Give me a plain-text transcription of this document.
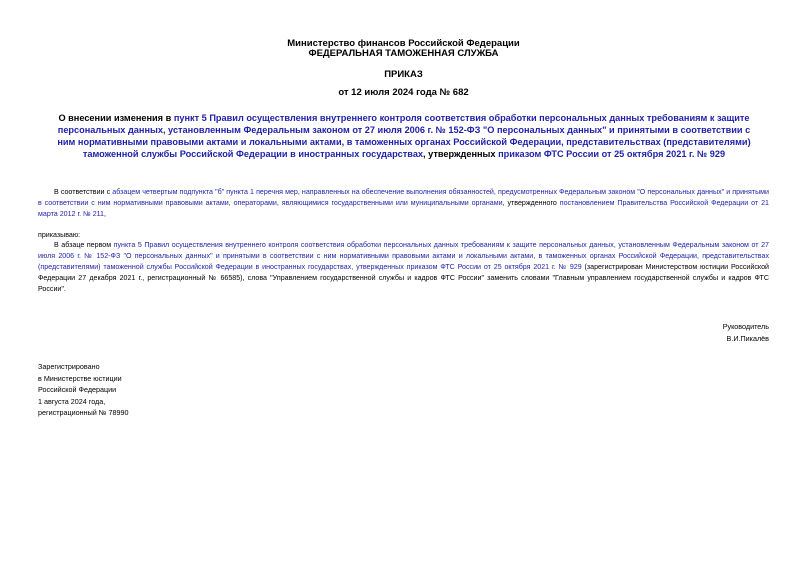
Министерство финансов Российской Федерации
ФЕДЕРАЛЬНАЯ ТАМОЖЕННАЯ СЛУЖБА
ПРИКАЗ
от 12 июля 2024 года № 682
О внесении изменения в пункт 5 Правил осуществления внутреннего контроля соответствия обработки персональных данных требованиям к защите персональных данных, установленным Федеральным законом от 27 июля 2006 г. № 152-ФЗ "О персональных данных" и принятыми в соответствии с ним нормативными правовыми актами и локальными актами, в таможенных органах Российской Федерации, представительствах (представителями) таможенной службы Российской Федерации в иностранных государствах, утвержденных приказом ФТС России от 25 октября 2021 г. № 929
В соответствии с абзацем четвертым подпункта "б" пункта 1 перечня мер, направленных на обеспечение выполнения обязанностей, предусмотренных Федеральным законом "О персональных данных" и принятыми в соответствии с ним нормативными правовыми актами, операторами, являющимися государственными или муниципальными органами, утвержденного постановлением Правительства Российской Федерации от 21 марта 2012 г. № 211,
приказываю:
В абзаце первом пункта 5 Правил осуществления внутреннего контроля соответствия обработки персональных данных требованиям к защите персональных данных, установленным Федеральным законом от 27 июля 2006 г. № 152-ФЗ "О персональных данных" и принятыми в соответствии с ним нормативными правовыми актами и локальными актами, в таможенных органах Российской Федерации, представительствах (представителями) таможенной службы Российской Федерации в иностранных государствах, утвержденных приказом ФТС России от 25 октября 2021 г. № 929 (зарегистрирован Министерством юстиции Российской Федерации 27 декабря 2021 г., регистрационный № 66585), слова "Управлением государственной службы и кадров ФТС России" заменить словами "Главным управлением государственной службы и кадров ФТС России".
Руководитель
В.И.Пикалёв
Зарегистрировано
в Министерстве юстиции
Российской Федерации
1 августа 2024 года,
регистрационный № 78990
